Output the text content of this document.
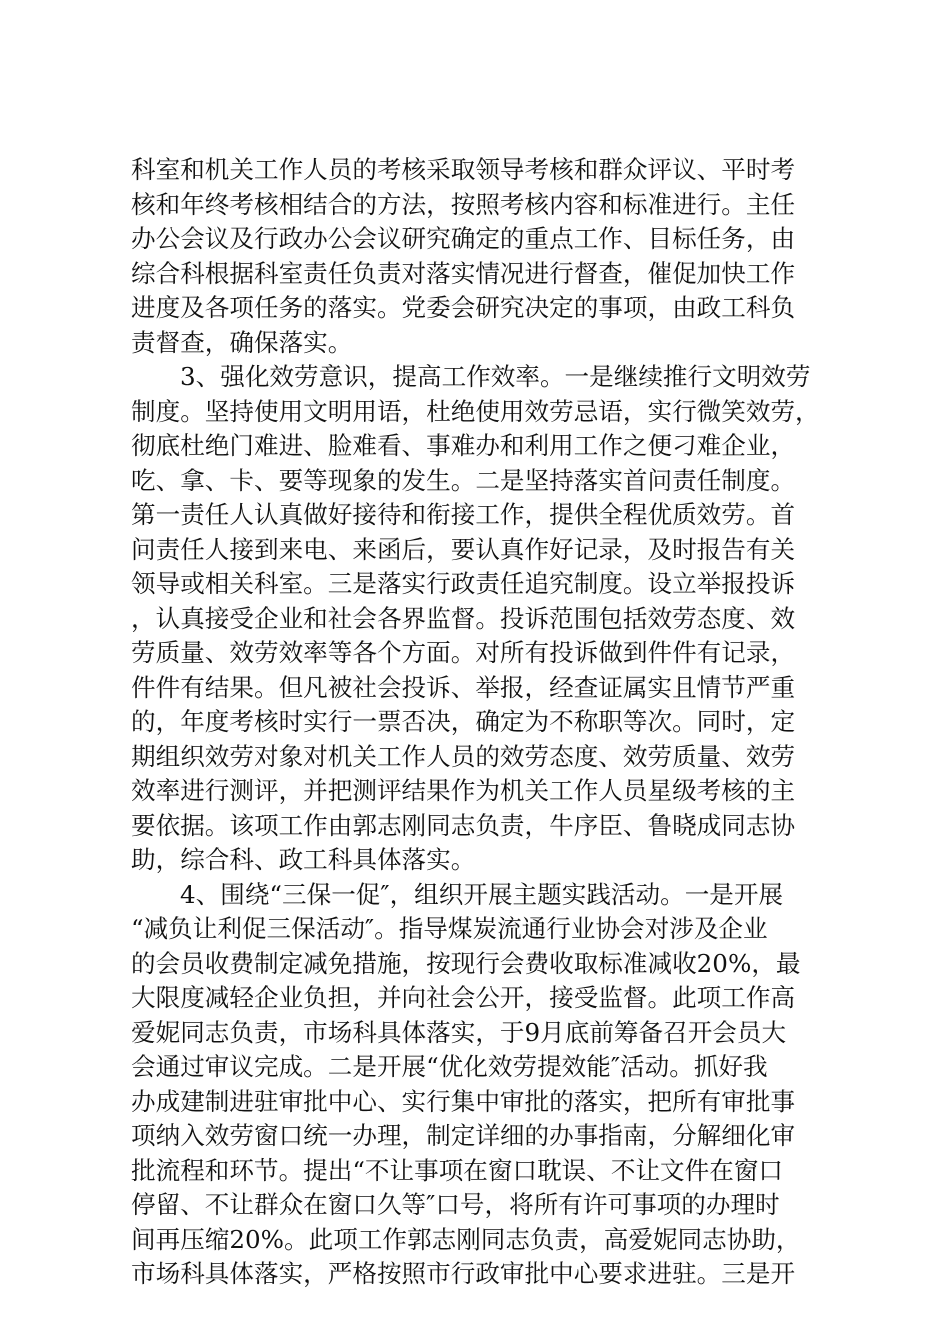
科室和机关工作人员的考核采取领导考核和群众评议、平时考
核和年终考核相结合的方法，按照考核内容和标准进行。主任
办公会议及行政办公会议研究确定的重点工作、目标任务，由
综合科根据科室责任负责对落实情况进行督查，催促加快工作
进度及各项任务的落实。党委会研究决定的事项，由政工科负
责督查，确保落实。
3、强化效劳意识，提高工作效率。一是继续推行文明效劳
制度。坚持使用文明用语，杜绝使用效劳忌语，实行微笑效劳，
彻底杜绝门难进、脸难看、事难办和利用工作之便刁难企业，
吃、拿、卡、要等现象的发生。二是坚持落实首问责任制度。
第一责任人认真做好接待和衔接工作，提供全程优质效劳。首
问责任人接到来电、来函后，要认真作好记录，及时报告有关
领导或相关科室。三是落实行政责任追究制度。设立举报投诉
，认真接受企业和社会各界监督。投诉范围包括效劳态度、效
劳质量、效劳效率等各个方面。对所有投诉做到件件有记录，
件件有结果。但凡被社会投诉、举报，经查证属实且情节严重
的，年度考核时实行一票否决，确定为不称职等次。同时，定
期组织效劳对象对机关工作人员的效劳态度、效劳质量、效劳
效率进行测评，并把测评结果作为机关工作人员星级考核的主
要依据。该项工作由郭志刚同志负责，牛序臣、鲁晓成同志协
助，综合科、政工科具体落实。
4、围绕“三保一促″，组织开展主题实践活动。一是开展
“减负让利促三保活动″。指导煤炭流通行业协会对涉及企业
的会员收费制定减免措施，按现行会费收取标准减收20%，最
大限度减轻企业负担，并向社会公开，接受监督。此项工作高
爱妮同志负责，市场科具体落实，于9月底前筹备召开会员大
会通过审议完成。二是开展“优化效劳提效能″活动。抓好我
办成建制进驻审批中心、实行集中审批的落实，把所有审批事
项纳入效劳窗口统一办理，制定详细的办事指南，分解细化审
批流程和环节。提出“不让事项在窗口耽误、不让文件在窗口
停留、不让群众在窗口久等″口号，将所有许可事项的办理时
间再压缩20%。此项工作郭志刚同志负责，高爱妮同志协助，
市场科具体落实，严格按照市行政审批中心要求进驻。三是开
